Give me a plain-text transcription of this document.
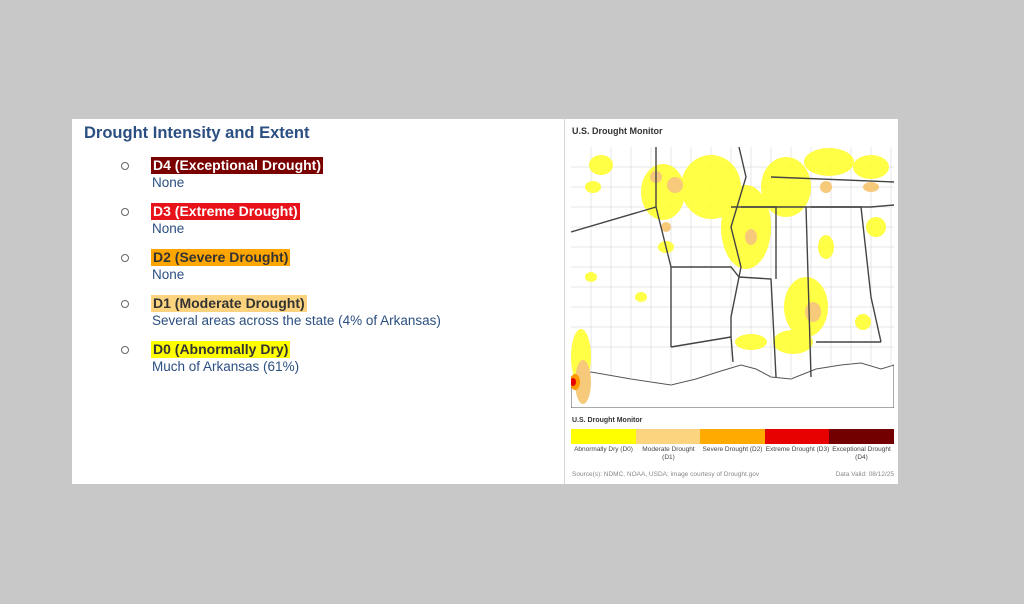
Drought Intensity and Extent
D4 (Exceptional Drought)
None
D3 (Extreme Drought)
None
D2 (Severe Drought)
None
D1 (Moderate Drought)
Several areas across the state (4% of Arkansas)
D0 (Abnormally Dry)
Much of Arkansas (61%)
U.S. Drought Monitor
U.S. Drought Monitor
Abnormally Dry (D0)	Moderate Drought (D1)
Severe Drought (D2) Extreme Drought (D3) Exceptional Drought (D4)
Source(s): NDMC, NOAA, USDA; image courtesy of Drought.gov	Data Valid: 08/12/25
